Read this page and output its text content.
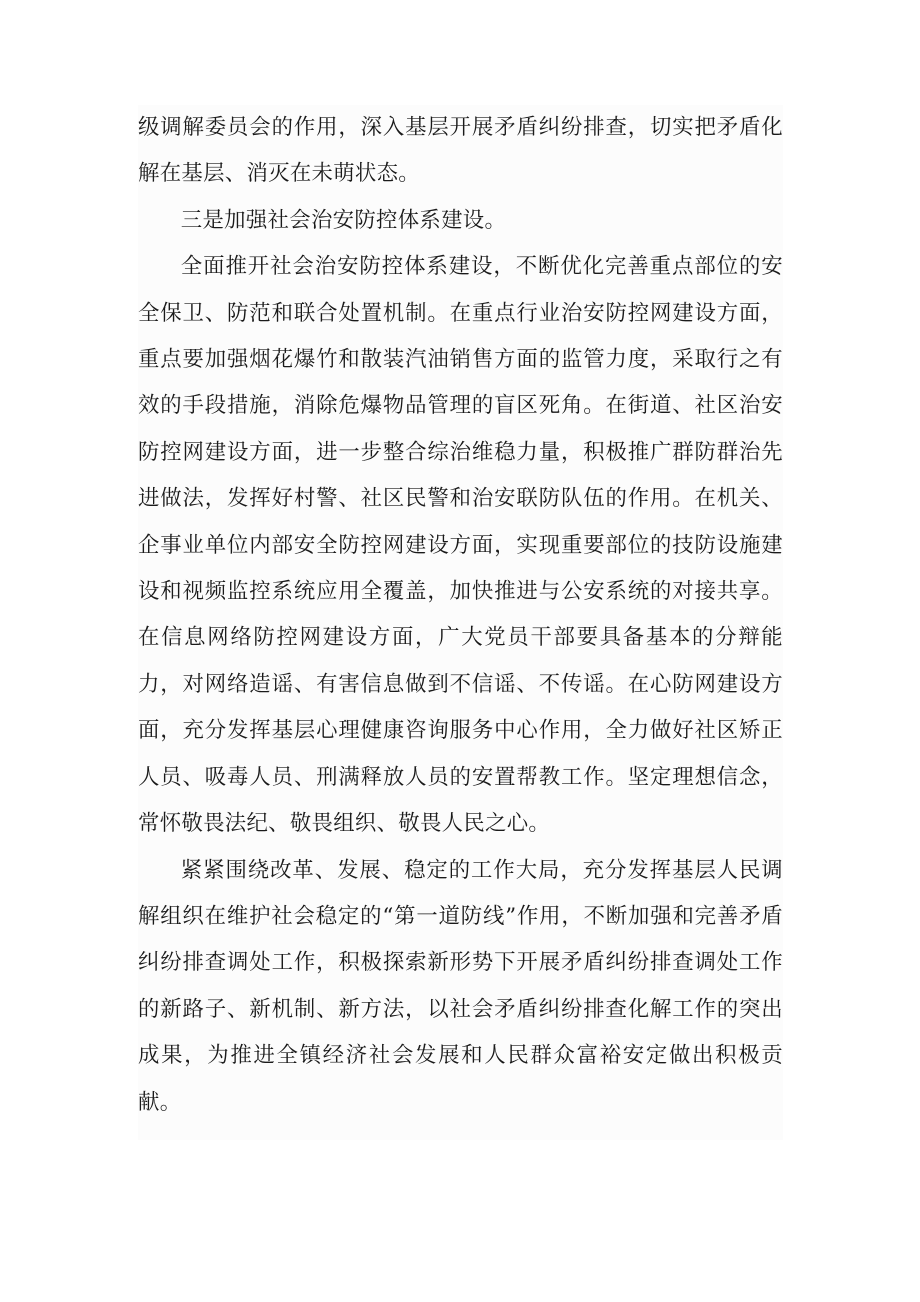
级调解委员会的作用，深入基层开展矛盾纠纷排查，切实把矛盾化解在基层、消灭在未萌状态。

三是加强社会治安防控体系建设。

全面推开社会治安防控体系建设，不断优化完善重点部位的安全保卫、防范和联合处置机制。在重点行业治安防控网建设方面，重点要加强烟花爆竹和散装汽油销售方面的监管力度，采取行之有效的手段措施，消除危爆物品管理的盲区死角。在街道、社区治安防控网建设方面，进一步整合综治维稳力量，积极推广群防群治先进做法，发挥好村警、社区民警和治安联防队伍的作用。在机关、企事业单位内部安全防控网建设方面，实现重要部位的技防设施建设和视频监控系统应用全覆盖，加快推进与公安系统的对接共享。在信息网络防控网建设方面，广大党员干部要具备基本的分辩能力，对网络造谣、有害信息做到不信谣、不传谣。在心防网建设方面，充分发挥基层心理健康咨询服务中心作用，全力做好社区矫正人员、吸毒人员、刑满释放人员的安置帮教工作。坚定理想信念，常怀敬畏法纪、敬畏组织、敬畏人民之心。

紧紧围绕改革、发展、稳定的工作大局，充分发挥基层人民调解组织在维护社会稳定的“第一道防线”作用，不断加强和完善矛盾纠纷排查调处工作，积极探索新形势下开展矛盾纠纷排查调处工作的新路子、新机制、新方法，以社会矛盾纠纷排查化解工作的突出成果，为推进全镇经济社会发展和人民群众富裕安定做出积极贡献。
